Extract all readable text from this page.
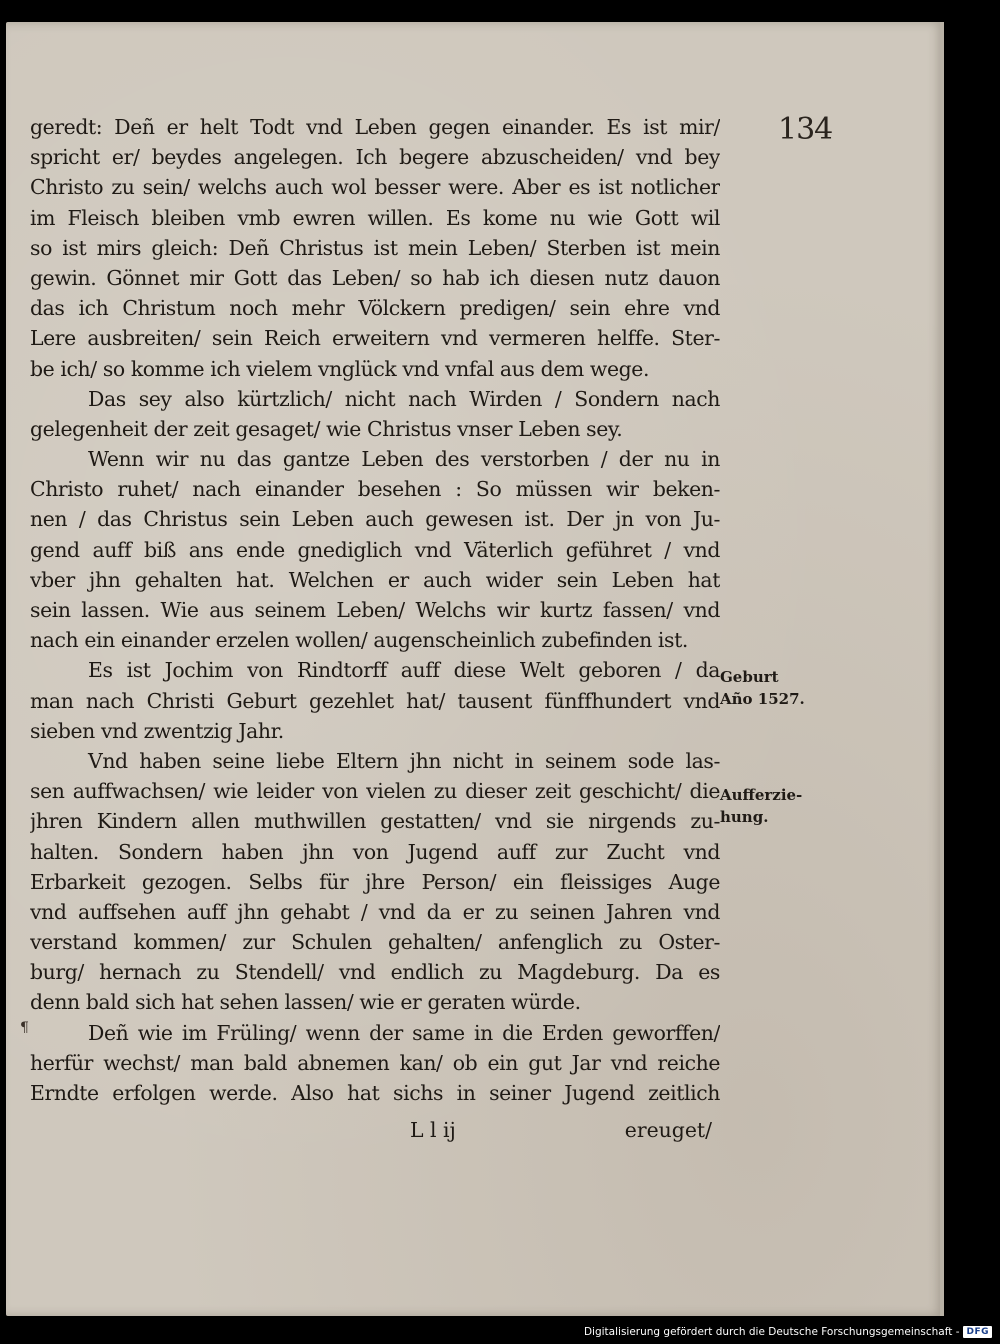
134
geredt: Deñ er helt Todt vnd Leben gegen einander. Es ist mir/
spricht er/ beydes angelegen. Ich begere abzuscheiden/ vnd bey
Christo zu sein/ welchs auch wol besser were. Aber es ist notlicher
im Fleisch bleiben vmb ewren willen. Es kome nu wie Gott wil
so ist mirs gleich: Deñ Christus ist mein Leben/ Sterben ist mein
gewin. Gönnet mir Gott das Leben/ so hab ich diesen nutz dauon
das ich Christum noch mehr Völckern predigen/ sein ehre vnd
Lere ausbreiten/ sein Reich erweitern vnd vermeren helffe. Ster-
be ich/ so komme ich vielem vnglück vnd vnfal aus dem wege.
Das sey also kürtzlich/ nicht nach Wirden / Sondern nach
gelegenheit der zeit gesaget/ wie Christus vnser Leben sey.
Wenn wir nu das gantze Leben des verstorben / der nu in
Christo ruhet/ nach einander besehen : So müssen wir beken-
nen / das Christus sein Leben auch gewesen ist. Der jn von Ju-
gend auff biß ans ende gnediglich vnd Väterlich geführet / vnd
vber jhn gehalten hat. Welchen er auch wider sein Leben hat
sein lassen. Wie aus seinem Leben/ Welchs wir kurtz fassen/ vnd
nach ein einander erzelen wollen/ augenscheinlich zubefinden ist.
Es ist Jochim von Rindtorff auff diese Welt geboren / da
man nach Christi Geburt gezehlet hat/ tausent fünffhundert vnd
sieben vnd zwentzig Jahr.
Vnd haben seine liebe Eltern jhn nicht in seinem sode las-
sen auffwachsen/ wie leider von vielen zu dieser zeit geschicht/ die
jhren Kindern allen muthwillen gestatten/ vnd sie nirgends zu-
halten. Sondern haben jhn von Jugend auff zur Zucht vnd
Erbarkeit gezogen. Selbs für jhre Person/ ein fleissiges Auge
vnd auffsehen auff jhn gehabt / vnd da er zu seinen Jahren vnd
verstand kommen/ zur Schulen gehalten/ anfenglich zu Oster-
burg/ hernach zu Stendell/ vnd endlich zu Magdeburg. Da es
denn bald sich hat sehen lassen/ wie er geraten würde.
Deñ wie im Früling/ wenn der same in die Erden geworffen/
herfür wechst/ man bald abnemen kan/ ob ein gut Jar vnd reiche
Erndte erfolgen werde. Also hat sichs in seiner Jugend zeitlich
L l ij	ereuget/
Geburt
Año 1527.
Aufferzie-
hung.
¶
Digitalisierung gefördert durch die Deutsche Forschungsgemeinschaft - DFG
